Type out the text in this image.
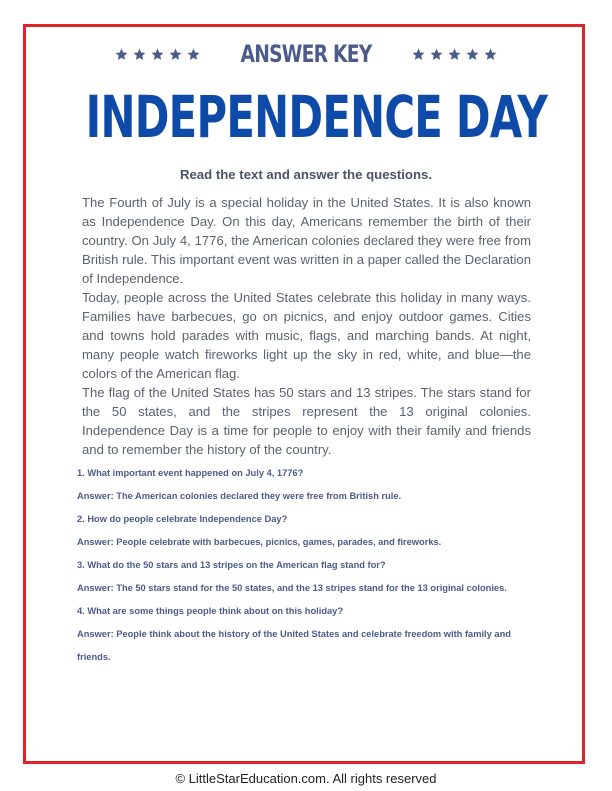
ANSWER KEY
INDEPENDENCE DAY
Read the text and answer the questions.

The Fourth of July is a special holiday in the United States. It is also known as Independence Day. On this day, Americans remember the birth of their country. On July 4, 1776, the American colonies declared they were free from British rule. This important event was written in a paper called the Declaration of Independence.

Today, people across the United States celebrate this holiday in many ways. Families have barbecues, go on picnics, and enjoy outdoor games. Cities and towns hold parades with music, flags, and marching bands. At night, many people watch fireworks light up the sky in red, white, and blue—the colors of the American flag.

The flag of the United States has 50 stars and 13 stripes. The stars stand for the 50 states, and the stripes represent the 13 original colonies. Independence Day is a time for people to enjoy with their family and friends and to remember the history of the country.

1. What important event happened on July 4, 1776?
Answer: The American colonies declared they were free from British rule.
2. How do people celebrate Independence Day?
Answer: People celebrate with barbecues, picnics, games, parades, and fireworks.
3. What do the 50 stars and 13 stripes on the American flag stand for?
Answer: The 50 stars stand for the 50 states, and the 13 stripes stand for the 13 original colonies.
4. What are some things people think about on this holiday?
Answer: People think about the history of the United States and celebrate freedom with family and friends.
© LittleStarEducation.com. All rights reserved
